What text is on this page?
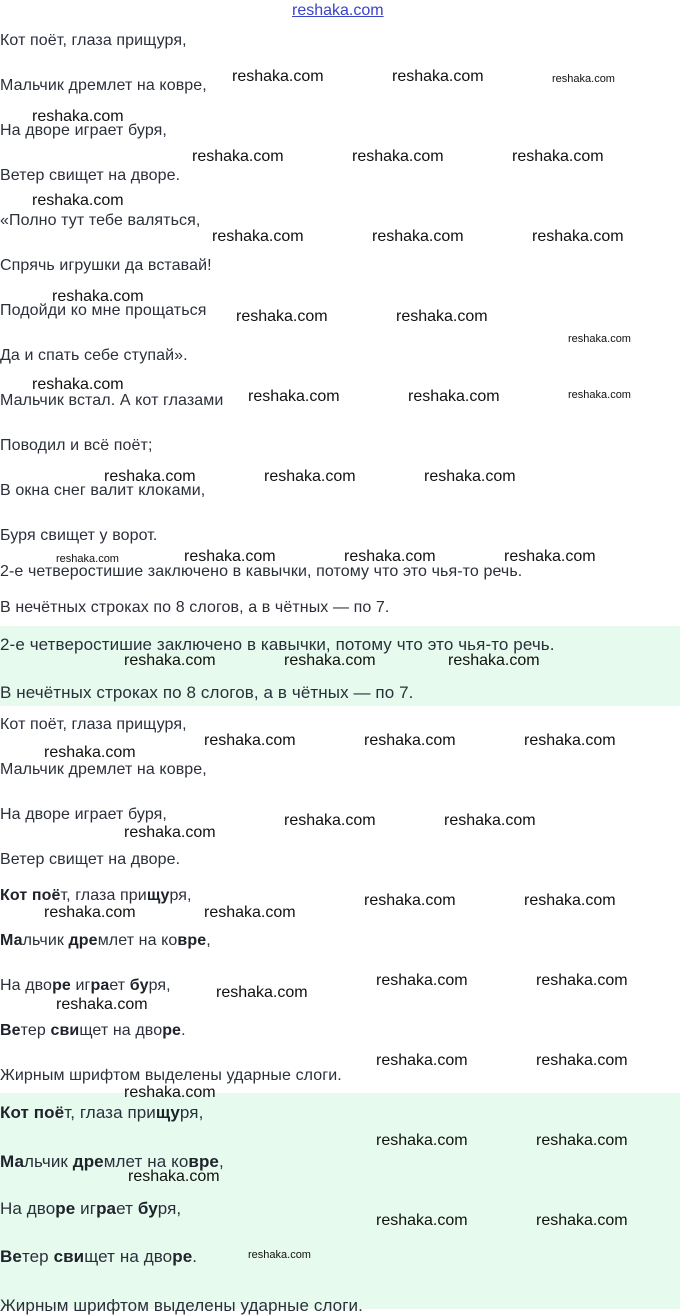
reshaka.com
Кот поёт, глаза прищуря,
Мальчик дремлет на ковре,
На дворе играет буря,
Ветер свищет на дворе.
«Полно тут тебе валяться,
Спрячь игрушки да вставай!
Подойди ко мне прощаться
Да и спать себе ступай».
Мальчик встал. А кот глазами
Поводил и всё поёт;
В окна снег валит клоками,
Буря свищет у ворот.
2-е четверостишие заключено в кавычки, потому что это чья-то речь.
В нечётных строках по 8 слогов, а в чётных — по 7.
2-е четверостишие заключено в кавычки, потому что это чья-то речь.
В нечётных строках по 8 слогов, а в чётных — по 7.
Кот поёт, глаза прищуря,
Мальчик дремлет на ковре,
На дворе играет буря,
Ветер свищет на дворе.
Кот поёт, глаза прищуря,
Мальчик дремлет на ковре,
На дворе играет буря,
Ветер свищет на дворе.
Жирным шрифтом выделены ударные слоги.
Кот поёт, глаза прищуря,
Мальчик дремлет на ковре,
На дворе играет буря,
Ветер свищет на дворе.
Жирным шрифтом выделены ударные слоги.
reshaka.com	reshaka.com	reshaka.com
reshaka.com
reshaka.com	reshaka.com	reshaka.com
reshaka.com
reshaka.com	reshaka.com	reshaka.com
reshaka.com
reshaka.com	reshaka.com
reshaka.com
reshaka.com
reshaka.com	reshaka.com	reshaka.com
reshaka.com	reshaka.com	reshaka.com
reshaka.com	reshaka.com	reshaka.com	reshaka.com
reshaka.com	reshaka.com	reshaka.com
reshaka.com	reshaka.com	reshaka.com
reshaka.com
reshaka.com	reshaka.com
reshaka.com
reshaka.com	reshaka.com
reshaka.com	reshaka.com
reshaka.com	reshaka.com
reshaka.com
reshaka.com
reshaka.com	reshaka.com
reshaka.com
reshaka.com	reshaka.com
reshaka.com
reshaka.com	reshaka.com
reshaka.com
